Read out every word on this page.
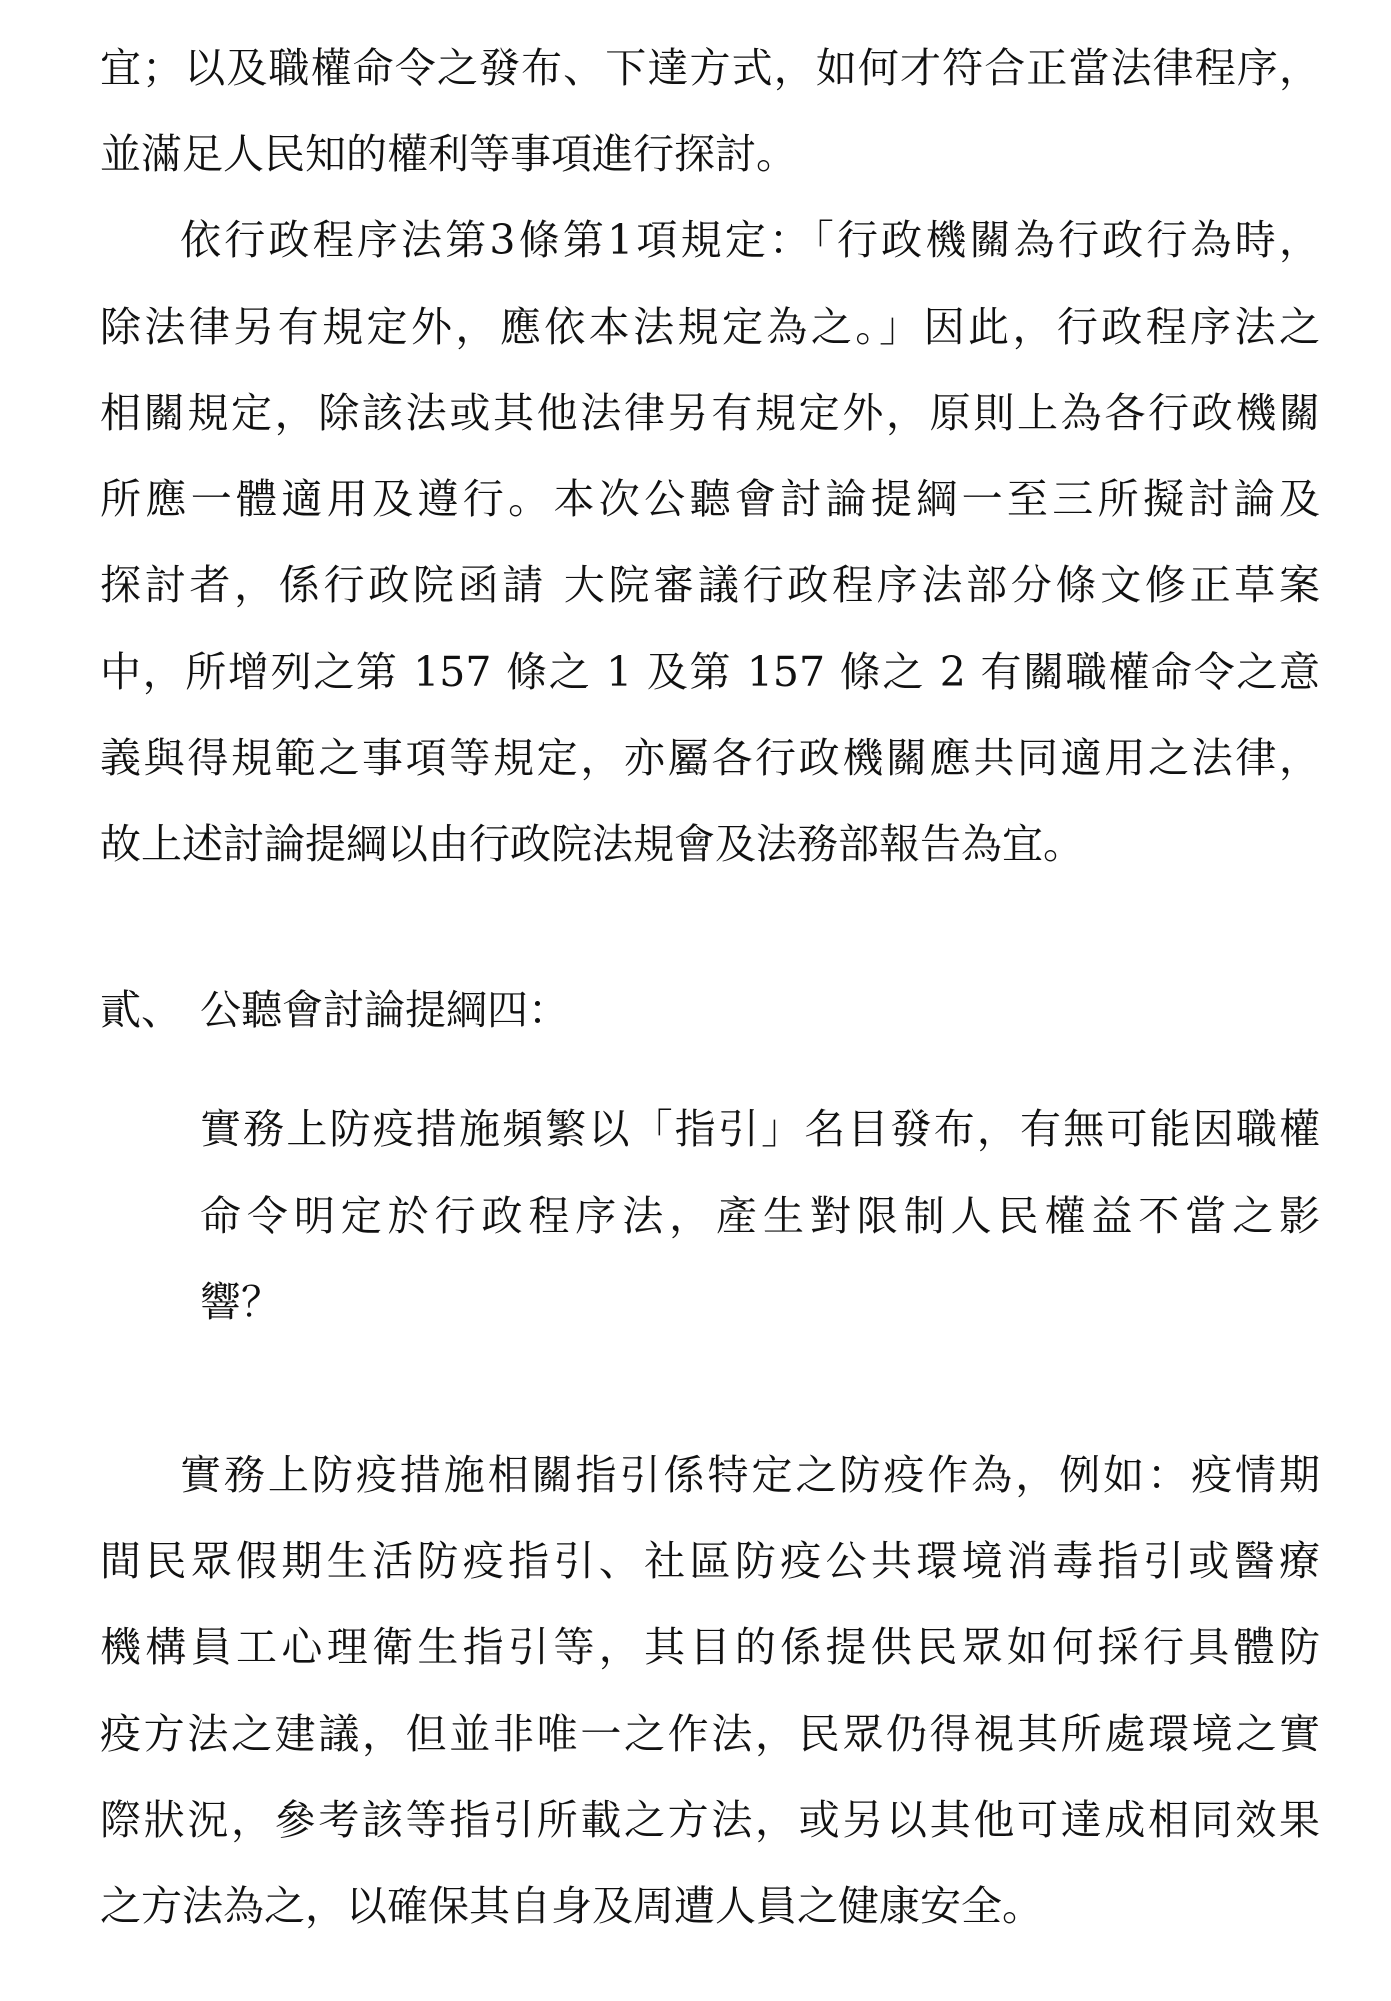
宜；以及職權命令之發布、下達方式，如何才符合正當法律程序，
並滿足人民知的權利等事項進行探討。
依行政程序法第3條第1項規定：「行政機關為行政行為時，
除法律另有規定外，應依本法規定為之。」因此，行政程序法之
相關規定，除該法或其他法律另有規定外，原則上為各行政機關
所應一體適用及遵行。本次公聽會討論提綱一至三所擬討論及
探討者，係行政院函請 大院審議行政程序法部分條文修正草案
中，所增列之第 157 條之 1 及第 157 條之 2 有關職權命令之意
義與得規範之事項等規定，亦屬各行政機關應共同適用之法律，
故上述討論提綱以由行政院法規會及法務部報告為宜。
貳、 公聽會討論提綱四：
實務上防疫措施頻繁以「指引」名目發布，有無可能因職權
命令明定於行政程序法，產生對限制人民權益不當之影
響？
實務上防疫措施相關指引係特定之防疫作為，例如：疫情期
間民眾假期生活防疫指引、社區防疫公共環境消毒指引或醫療
機構員工心理衛生指引等，其目的係提供民眾如何採行具體防
疫方法之建議，但並非唯一之作法，民眾仍得視其所處環境之實
際狀況，參考該等指引所載之方法，或另以其他可達成相同效果
之方法為之，以確保其自身及周遭人員之健康安全。
